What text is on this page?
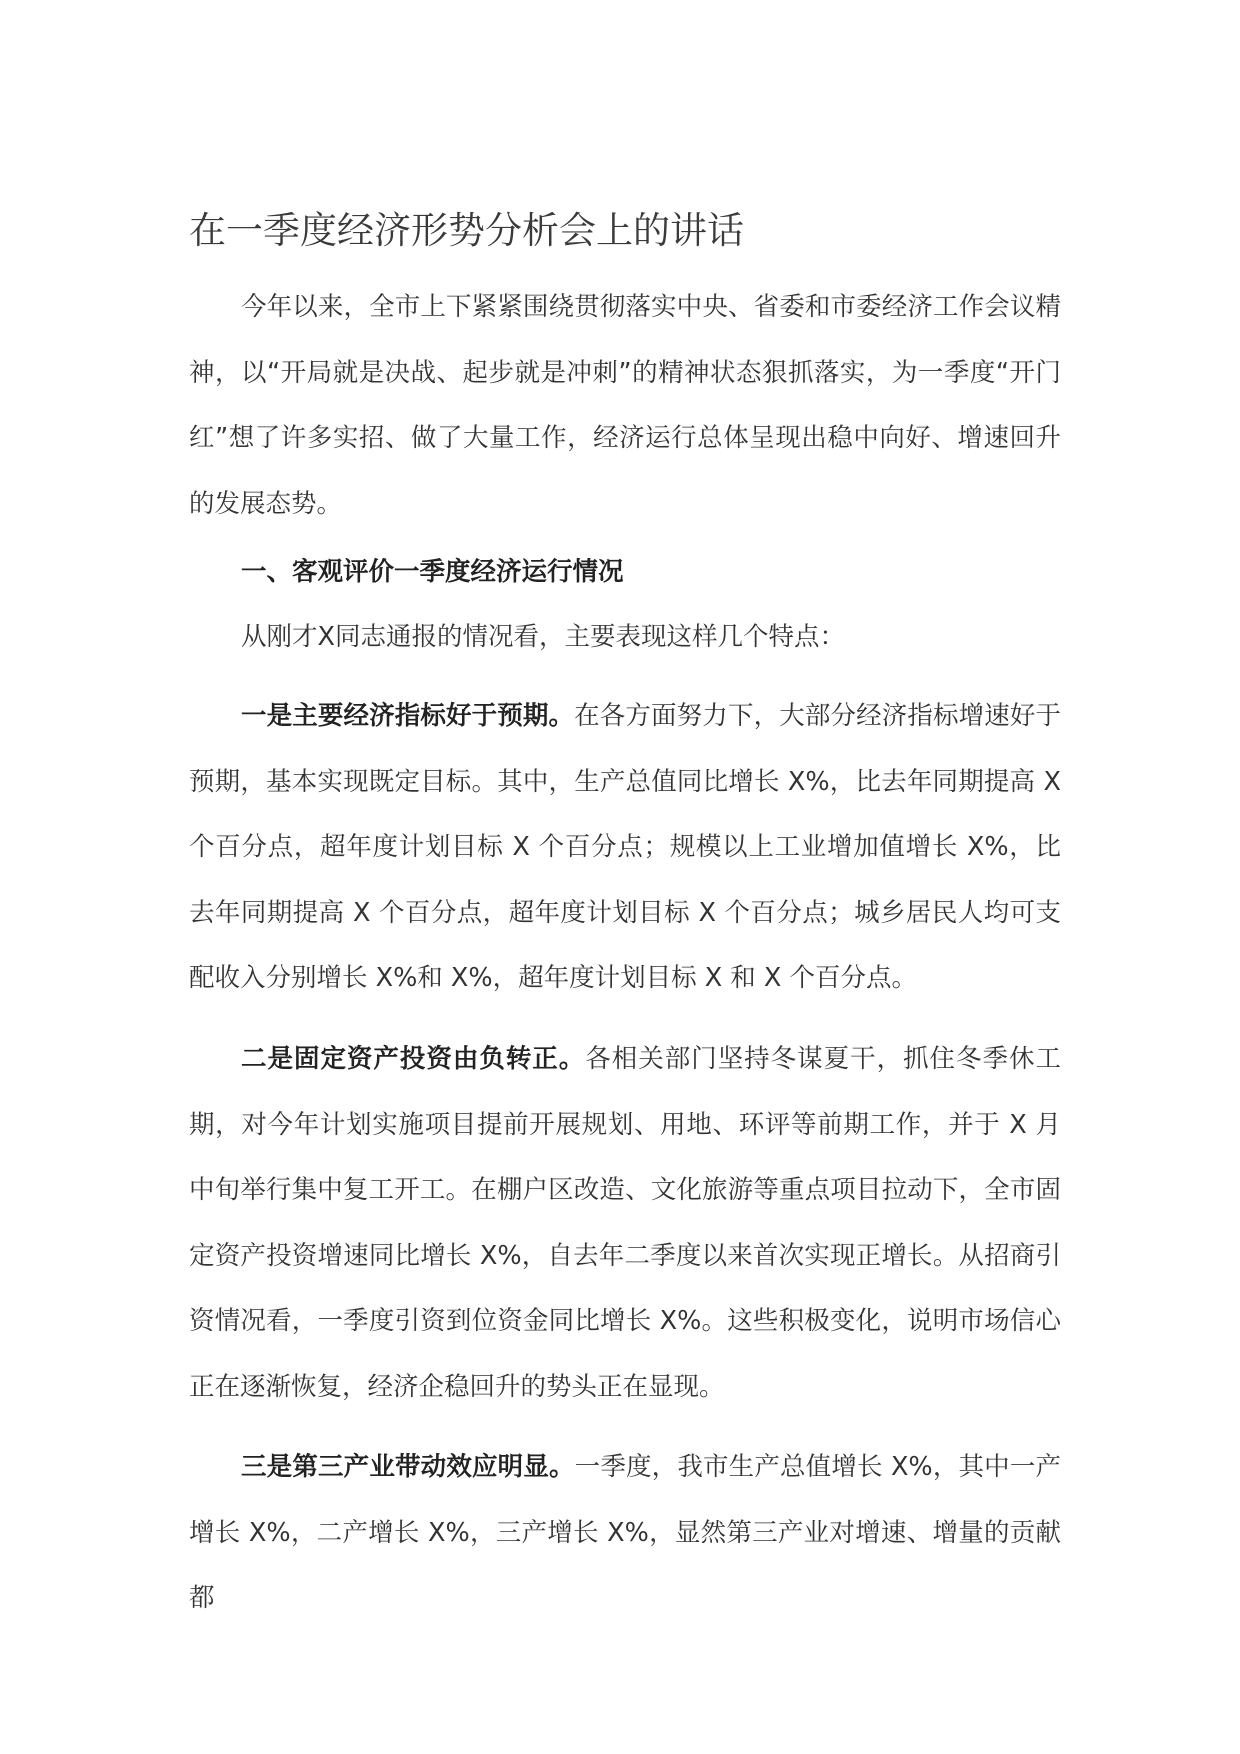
在一季度经济形势分析会上的讲话

今年以来，全市上下紧紧围绕贯彻落实中央、省委和市委经济工作会议精神，以“开局就是决战、起步就是冲刺”的精神状态狠抓落实，为一季度“开门红”想了许多实招、做了大量工作，经济运行总体呈现出稳中向好、增速回升的发展态势。

一、客观评价一季度经济运行情况

从刚才X同志通报的情况看，主要表现这样几个特点：

一是主要经济指标好于预期。在各方面努力下，大部分经济指标增速好于预期，基本实现既定目标。其中，生产总值同比增长 X%，比去年同期提高 X 个百分点，超年度计划目标 X 个百分点；规模以上工业增加值增长 X%，比去年同期提高 X 个百分点，超年度计划目标 X 个百分点；城乡居民人均可支配收入分别增长 X%和 X%，超年度计划目标 X 和 X 个百分点。

二是固定资产投资由负转正。各相关部门坚持冬谋夏干，抓住冬季休工期，对今年计划实施项目提前开展规划、用地、环评等前期工作，并于 X 月中旬举行集中复工开工。在棚户区改造、文化旅游等重点项目拉动下，全市固定资产投资增速同比增长 X%，自去年二季度以来首次实现正增长。从招商引资情况看，一季度引资到位资金同比增长 X%。这些积极变化，说明市场信心正在逐渐恢复，经济企稳回升的势头正在显现。

三是第三产业带动效应明显。一季度，我市生产总值增长 X%，其中一产增长 X%，二产增长 X%，三产增长 X%，显然第三产业对增速、增量的贡献都
